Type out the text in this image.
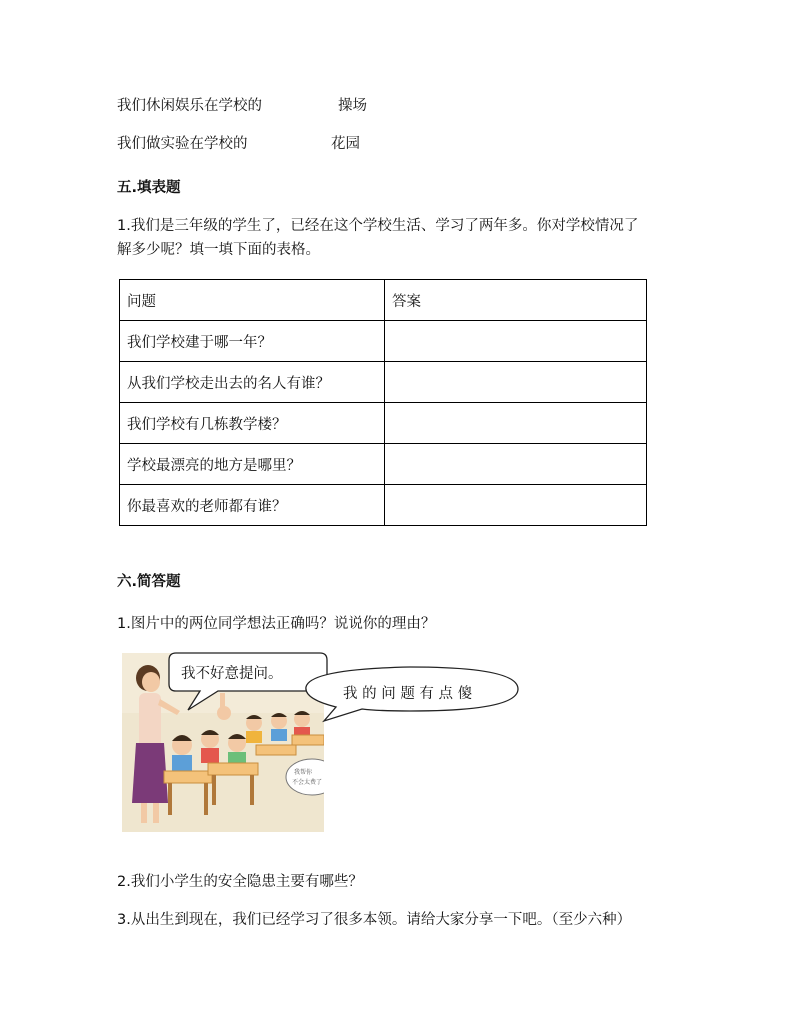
我们休闲娱乐在学校的	操场
我们做实验在学校的	花园
五.填表题
1.我们是三年级的学生了，已经在这个学校生活、学习了两年多。你对学校情况了
解多少呢？填一填下面的表格。
问题	答案
我们学校建于哪一年？	
从我们学校走出去的名人有谁？	
我们学校有几栋教学楼？	
学校最漂亮的地方是哪里？	
你最喜欢的老师都有谁？	
六.简答题
1.图片中的两位同学想法正确吗？说说你的理由？
我帮你
不会太费了
我不好意提问。
我 的 问 题 有 点 傻
2.我们小学生的安全隐患主要有哪些？
3.从出生到现在，我们已经学习了很多本领。请给大家分享一下吧。（至少六种）
